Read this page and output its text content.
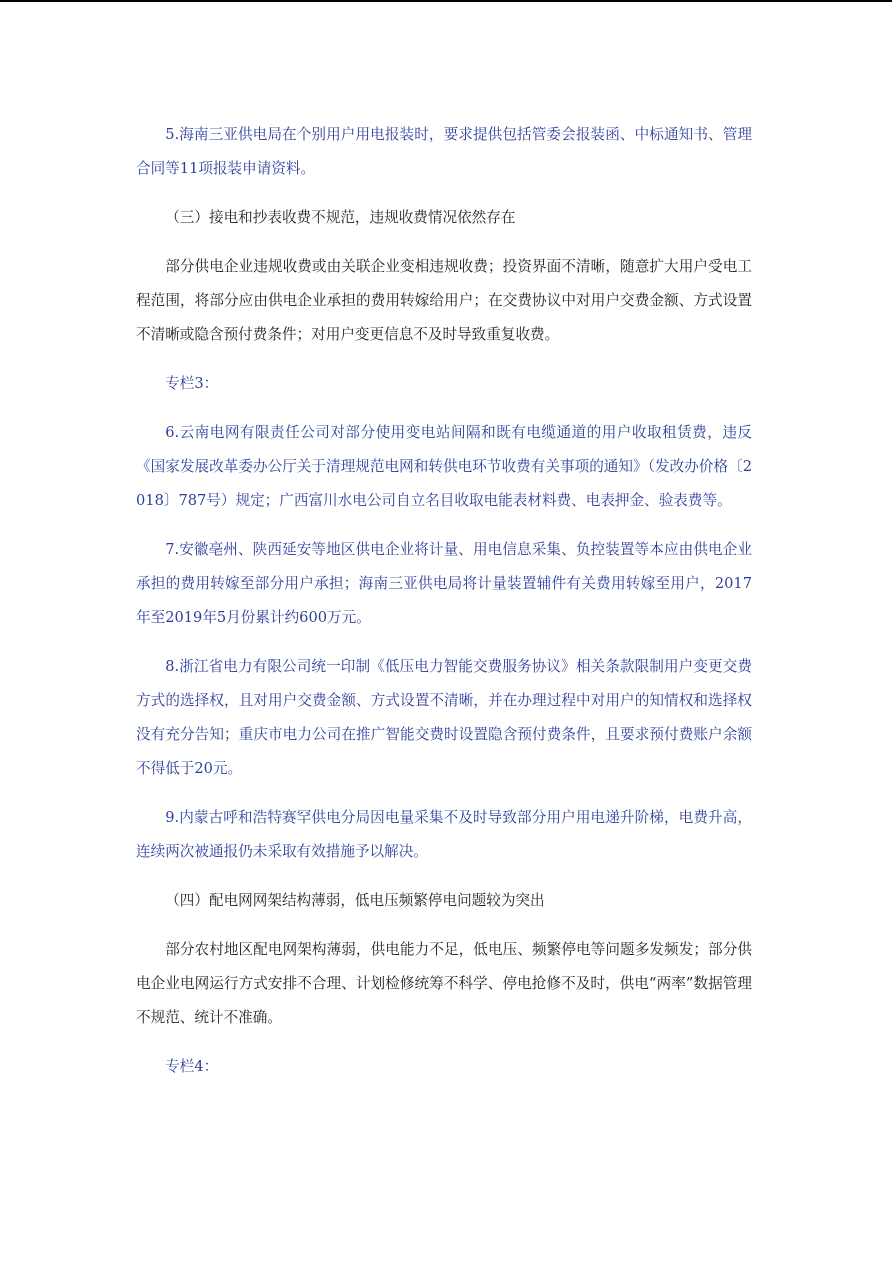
5.海南三亚供电局在个别用户用电报装时，要求提供包括管委会报装函、中标通知书、管理合同等11项报装申请资料。

（三）接电和抄表收费不规范，违规收费情况依然存在

部分供电企业违规收费或由关联企业变相违规收费；投资界面不清晰，随意扩大用户受电工程范围，将部分应由供电企业承担的费用转嫁给用户；在交费协议中对用户交费金额、方式设置不清晰或隐含预付费条件；对用户变更信息不及时导致重复收费。

专栏3：

6.云南电网有限责任公司对部分使用变电站间隔和既有电缆通道的用户收取租赁费，违反《国家发展改革委办公厅关于清理规范电网和转供电环节收费有关事项的通知》（发改办价格〔2018〕787号）规定；广西富川水电公司自立名目收取电能表材料费、电表押金、验表费等。

7.安徽亳州、陕西延安等地区供电企业将计量、用电信息采集、负控装置等本应由供电企业承担的费用转嫁至部分用户承担；海南三亚供电局将计量装置辅件有关费用转嫁至用户，2017年至2019年5月份累计约600万元。

8.浙江省电力有限公司统一印制《低压电力智能交费服务协议》相关条款限制用户变更交费方式的选择权，且对用户交费金额、方式设置不清晰，并在办理过程中对用户的知情权和选择权没有充分告知；重庆市电力公司在推广智能交费时设置隐含预付费条件，且要求预付费账户余额不得低于20元。

9.内蒙古呼和浩特赛罕供电分局因电量采集不及时导致部分用户用电递升阶梯，电费升高，连续两次被通报仍未采取有效措施予以解决。

（四）配电网网架结构薄弱，低电压频繁停电问题较为突出

部分农村地区配电网架构薄弱，供电能力不足，低电压、频繁停电等问题多发频发；部分供电企业电网运行方式安排不合理、计划检修统筹不科学、停电抢修不及时，供电“两率”数据管理不规范、统计不准确。

专栏4：
